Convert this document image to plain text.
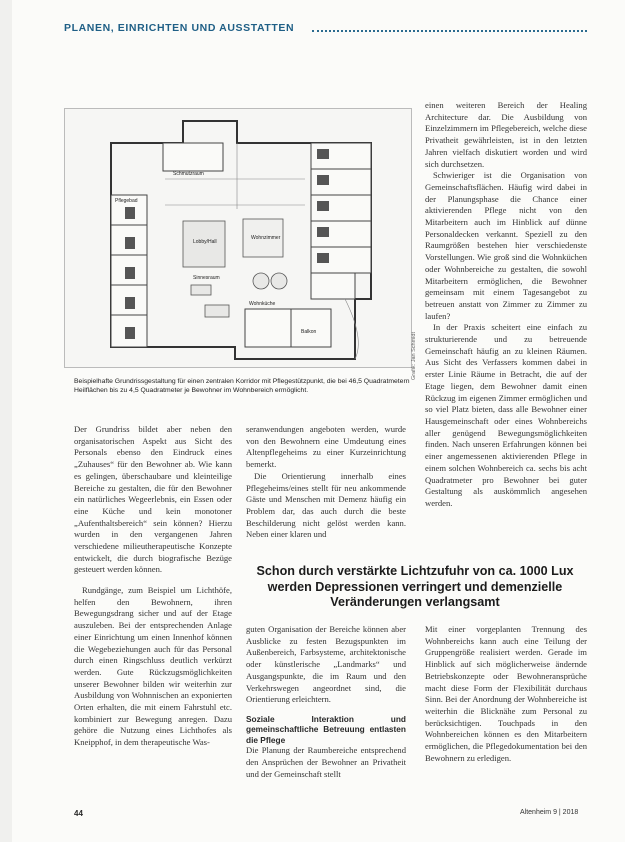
PLANEN, EINRICHTEN UND AUSSTATTEN
Schmutzraum
Pflegebad
Lobby/Hall
Wohnzimmer
Sinnesraum
Wohnküche
Balkon	Grafik: Jan Schmidt
Beispielhafte Grundrissgestaltung für einen zentralen Korridor mit Pflegestützpunkt, die bei 46,5 Quadratmetern Heilflächen bis zu 4,5 Quadratmeter je Bewohner im Wohnbereich ermöglicht.

Der Grundriss bildet aber neben den organisatorischen Aspekt aus Sicht des Personals ebenso den Eindruck eines „Zuhauses“ für den Bewohner ab. Wie kann es gelingen, überschaubare und kleinteilige Bereiche zu gestalten, die für den Bewohner ein natürliches Wegeerlebnis, ein Essen oder eine Küche und kein monotoner „Aufenthaltsbereich“ sein können? Hierzu wurden in den vergangenen Jahren verschiedene milieutherapeutische Konzepte entwickelt, die durch biografische Bezüge gesteuert werden können.

Rundgänge, zum Beispiel um Lichthöfe, helfen den Bewohnern, ihren Bewegungsdrang sicher und auf der Etage auszuleben. Bei der entsprechenden Anlage einer Einrichtung um einen Innenhof können die Wegebeziehungen auch für das Personal durch einen Ringschluss deutlich verkürzt werden. Gute Rückzugsmöglichkeiten unserer Bewohner bilden wir weiterhin zur Ausbildung von Wohnnischen an exponierten Orten erhalten, die mit einem Fahrstuhl etc. kombiniert zur Bewegung anregen. Dazu gehöre die Nutzung eines Lichthofes als Kneipphof, in dem therapeutische Was-

seranwendungen angeboten werden, wurde von den Bewohnern eine Umdeutung eines Altenpflegeheims zu einer Kurzeinrichtung bemerkt.

Die Orientierung innerhalb eines Pflegeheims/eines stellt für neu ankommende Gäste und Menschen mit Demenz häufig ein Problem dar, das auch durch die beste Beschilderung nicht gelöst werden kann. Neben einer klaren und

guten Organisation der Bereiche können aber Ausblicke zu festen Bezugspunkten im Außenbereich, Farbsysteme, architektonische oder künstlerische „Landmarks“ und Ausgangspunkte, die im Raum und den Verkehrswegen angeordnet sind, die Orientierung erleichtern.

Soziale Interaktion und gemeinschaftliche Betreuung entlasten die Pflege

Die Planung der Raumbereiche entsprechend den Ansprüchen der Bewohner an Privatheit und der Gemeinschaft stellt

einen weiteren Bereich der Healing Architecture dar. Die Ausbildung von Einzelzimmern im Pflegebereich, welche diese Privatheit gewährleisten, ist in den letzten Jahren vielfach diskutiert worden und wird sich durchsetzen.

Schwieriger ist die Organisation von Gemeinschaftsflächen. Häufig wird dabei in der Planungsphase die Chance einer aktivierenden Pflege nicht von den Mitarbeitern auch im Hinblick auf dünne Personaldecken verkannt. Speziell zu den Raumgrößen bestehen hier verschiedenste Vorstellungen. Wie groß sind die Wohnküchen oder Wohnbereiche zu gestalten, die sowohl Mitarbeitern ermöglichen, die Bewohner gemeinsam mit einem Tagesangebot zu betreuen anstatt von Zimmer zu Zimmer zu laufen?

In der Praxis scheitert eine einfach zu strukturierende und zu betreuende Gemeinschaft häufig an zu kleinen Räumen. Aus Sicht des Verfassers kommen dabei in erster Linie Räume in Betracht, die auf der Etage liegen, dem Bewohner damit einen Rückzug im eigenen Zimmer ermöglichen und so viel Platz bieten, dass alle Bewohner einer Hausgemeinschaft oder eines Wohnbereichs aller genügend Bewegungsmöglichkeiten finden. Nach unseren Erfahrungen können bei einer angemessenen aktivierenden Pflege in einem solchen Wohnbereich ca. sechs bis acht Quadratmeter pro Bewohner bei guter Gestaltung als auskömmlich angesehen werden.

Mit einer vorgeplanten Trennung des Wohnbereichs kann auch eine Teilung der Gruppengröße realisiert werden. Gerade im Hinblick auf sich möglicherweise ändernde Betriebskonzepte oder Bewohneransprüche macht diese Form der Flexibilität durchaus Sinn. Bei der Anordnung der Wohnbereiche ist weiterhin die Blicknähe zum Personal zu berücksichtigen. Touchpads in den Wohnbereichen können es den Mitarbeitern ermöglichen, die Pflegedokumentation bei den Bewohnern zu erledigen.

Schon durch verstärkte Lichtzufuhr von ca. 1000 Lux werden Depressionen verringert und demenzielle Veränderungen verlangsamt
44	Altenheim 9 | 2018
